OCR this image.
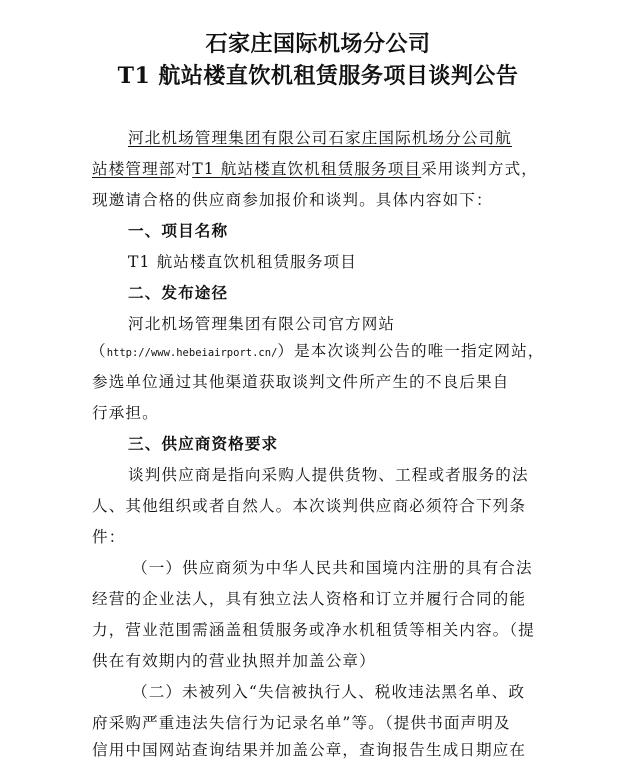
石家庄国际机场分公司
T1 航站楼直饮机租赁服务项目谈判公告
河北机场管理集团有限公司石家庄国际机场分公司航
站楼管理部对T1 航站楼直饮机租赁服务项目采用谈判方式，
现邀请合格的供应商参加报价和谈判。具体内容如下：
一、项目名称
T1 航站楼直饮机租赁服务项目
二、发布途径
河北机场管理集团有限公司官方网站
（http://www.hebeiairport.cn/）是本次谈判公告的唯一指定网站，
参选单位通过其他渠道获取谈判文件所产生的不良后果自
行承担。
三、供应商资格要求
谈判供应商是指向采购人提供货物、工程或者服务的法
人、其他组织或者自然人。本次谈判供应商必须符合下列条
件：
（一）供应商须为中华人民共和国境内注册的具有合法
经营的企业法人，具有独立法人资格和订立并履行合同的能
力，营业范围需涵盖租赁服务或净水机租赁等相关内容。（提
供在有效期内的营业执照并加盖公章）
（二）未被列入“失信被执行人、税收违法黑名单、政
府采购严重违法失信行为记录名单”等。（提供书面声明及
信用中国网站查询结果并加盖公章，查询报告生成日期应在
